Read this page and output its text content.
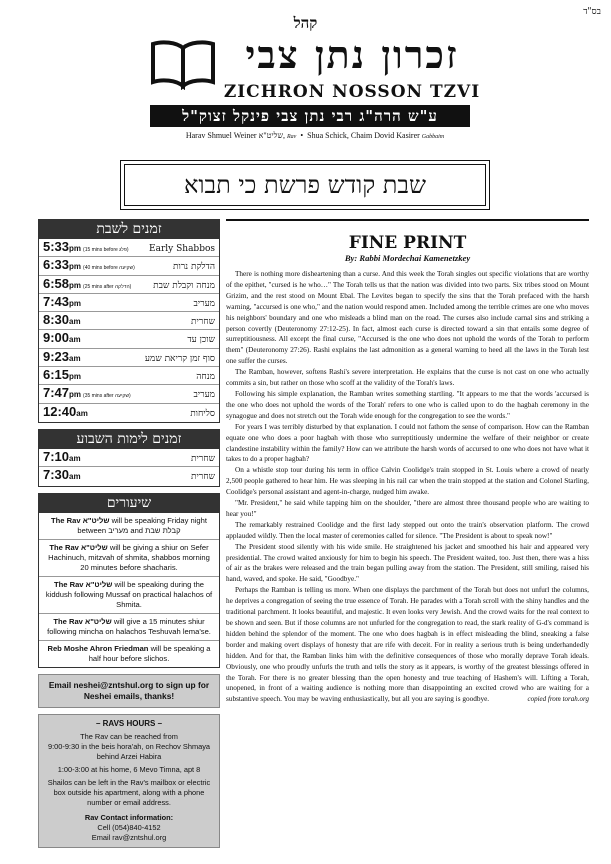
בס"ד
קהל
זכרון נתן צבי
ZICHRON NOSSON TZVI
ע"ש הרה"ג רבי נתן צבי פינקל זצוק"ל
Harav Shmuel Weiner שליט"א, Rav  •  Shua Schick, Chaim Dovid Kasirer Gabbaim
שבת קודש פרשת כי תבוא
זמנים לשבת
5:33pm (15 mins before פלג) Early Shabbos
6:33pm (40 mins before שקיעה)	הדלקת נרות
6:58pm (25 mins after הדלקה) מנחה וקבלת שבת
7:43pm	מעריב
8:30am	שחרית
9:00am	שוכן עד
9:23am	סוף זמן קריאת שמע
6:15pm	מנחה
7:47pm (35 mins after שקיעה)	מעריב
12:40am	סליחות
זמנים לימות השבוע
7:10am	שחרית
7:30am	שחרית
שיעורים
The Rav שליט"א will be speaking Friday night between מעריב and קבלת שבת
The Rav שליט"א will be giving a shiur on Sefer Hachinuch, mitzvah of shmita, shabbos morning 20 minutes before shacharis.
The Rav שליט"א will be speaking during the kiddush following Mussaf on practical halachos of Shmita.
The Rav שליט"א will give a 15 minutes shiur following mincha on halachos Teshuvah lema'se.
Reb Moshe Ahron Friedman will be speaking a half hour before slichos.
Email neshei@zntshul.org to sign up for Neshei emails, thanks!
– RAVS HOURS –
The Rav can be reached from
9:00-9:30 in the beis hora'ah, on Rechov Shmaya behind Arzei Habira
1:00-3:00 at his home, 6 Mevo Timna, apt 8
Shailos can be left in the Rav's mailbox or electric box outside his apartment, along with a phone number or email address.
Rav Contact information:
Cell (054)840-4152
Email rav@zntshul.org
FINE PRINT
By: Rabbi Mordechai Kamenetzkey

There is nothing more disheartening than a curse. And this week the Torah singles out specific violations that are worthy of the epithet, "cursed is he who…" The Torah tells us that the nation was divided into two parts. Six tribes stood on Mount Grizim, and the rest stood on Mount Ebal. The Levites began to specify the sins that the Torah prefaced with the harsh warning, "accursed is one who," and the nation would respond amen. Included among the terrible crimes are one who moves his neighbors' boundary and one who misleads a blind man on the road. The curses also include carnal sins and striking a person covertly (Deuteronomy 27:12-25). In fact, almost each curse is directed toward a sin that entails some degree of surreptitiousness. All except the final curse, "Accursed is the one who does not uphold the words of the Torah to perform them" (Deuteronomy 27:26). Rashi explains the last admonition as a general warning to heed all the laws in the Torah lest one suffer the curses.

The Ramban, however, softens Rashi's severe interpretation. He explains that the curse is not cast on one who actually commits a sin, but rather on those who scoff at the validity of the Torah's laws.

Following his simple explanation, the Ramban writes something startling. "It appears to me that the words 'accursed is the one who does not uphold the words of the Torah' refers to one who is called upon to do the hagbah ceremony in the synagogue and does not stretch out the Torah wide enough for the congregation to see the words."

For years I was terribly disturbed by that explanation. I could not fathom the sense of comparison. How can the Ramban equate one who does a poor hagbah with those who surreptitiously undermine the welfare of their neighbor or create clandestine instability within the family? How can we attribute the harsh words of accursed to one who does not have what it takes to do a proper hagbah?

On a whistle stop tour during his term in office Calvin Coolidge's train stopped in St. Louis where a crowd of nearly 2,500 people gathered to hear him. He was sleeping in his rail car when the train stopped at the station and Colonel Starling, Coolidge's personal assistant and agent-in-charge, nudged him awake.

"Mr. President," he said while tapping him on the shoulder, "there are almost three thousand people who are waiting to hear you!"

The remarkably restrained Coolidge and the first lady stepped out onto the train's observation platform. The crowd applauded wildly. Then the local master of ceremonies called for silence. "The President is about to speak now!"

The President stood silently with his wide smile. He straightened his jacket and smoothed his hair and appeared very presidential. The crowd waited anxiously for him to begin his speech. The President waited, too. Just then, there was a hiss of air as the brakes were released and the train began pulling away from the station. The President, still smiling, raised his hand, waved, and spoke. He said, "Goodbye."

Perhaps the Ramban is telling us more. When one displays the parchment of the Torah but does not unfurl the columns, he deprives a congregation of seeing the true essence of Torah. He parades with a Torah scroll with the shiny handles and the traditional parchment. It looks beautiful, and majestic. It even looks very Jewish. And the crowd waits for the real context to be shown and seen. But if those columns are not unfurled for the congregation to read, the stark reality of G-d's command is hidden behind the splendor of the moment. The one who does hagbah is in effect misleading the blind, sneaking a false border and making overt displays of honesty that are rife with deceit. For in reality a serious truth is being underhandedly hidden. And for that, the Ramban links him with the definitive consequences of those who morally deprave Torah ideals. Obviously, one who proudly unfurls the truth and tells the story as it appears, is worthy of the greatest blessings offered in the Torah. For there is no greater blessing than the open honesty and true teaching of Hashem's will. Lifting a Torah, unopened, in front of a waiting audience is nothing more than disappointing an excited crowd who are waiting for a substantive speech. You may be waving enthusiastically, but all you are saying is goodbye.	copied from torah.org
